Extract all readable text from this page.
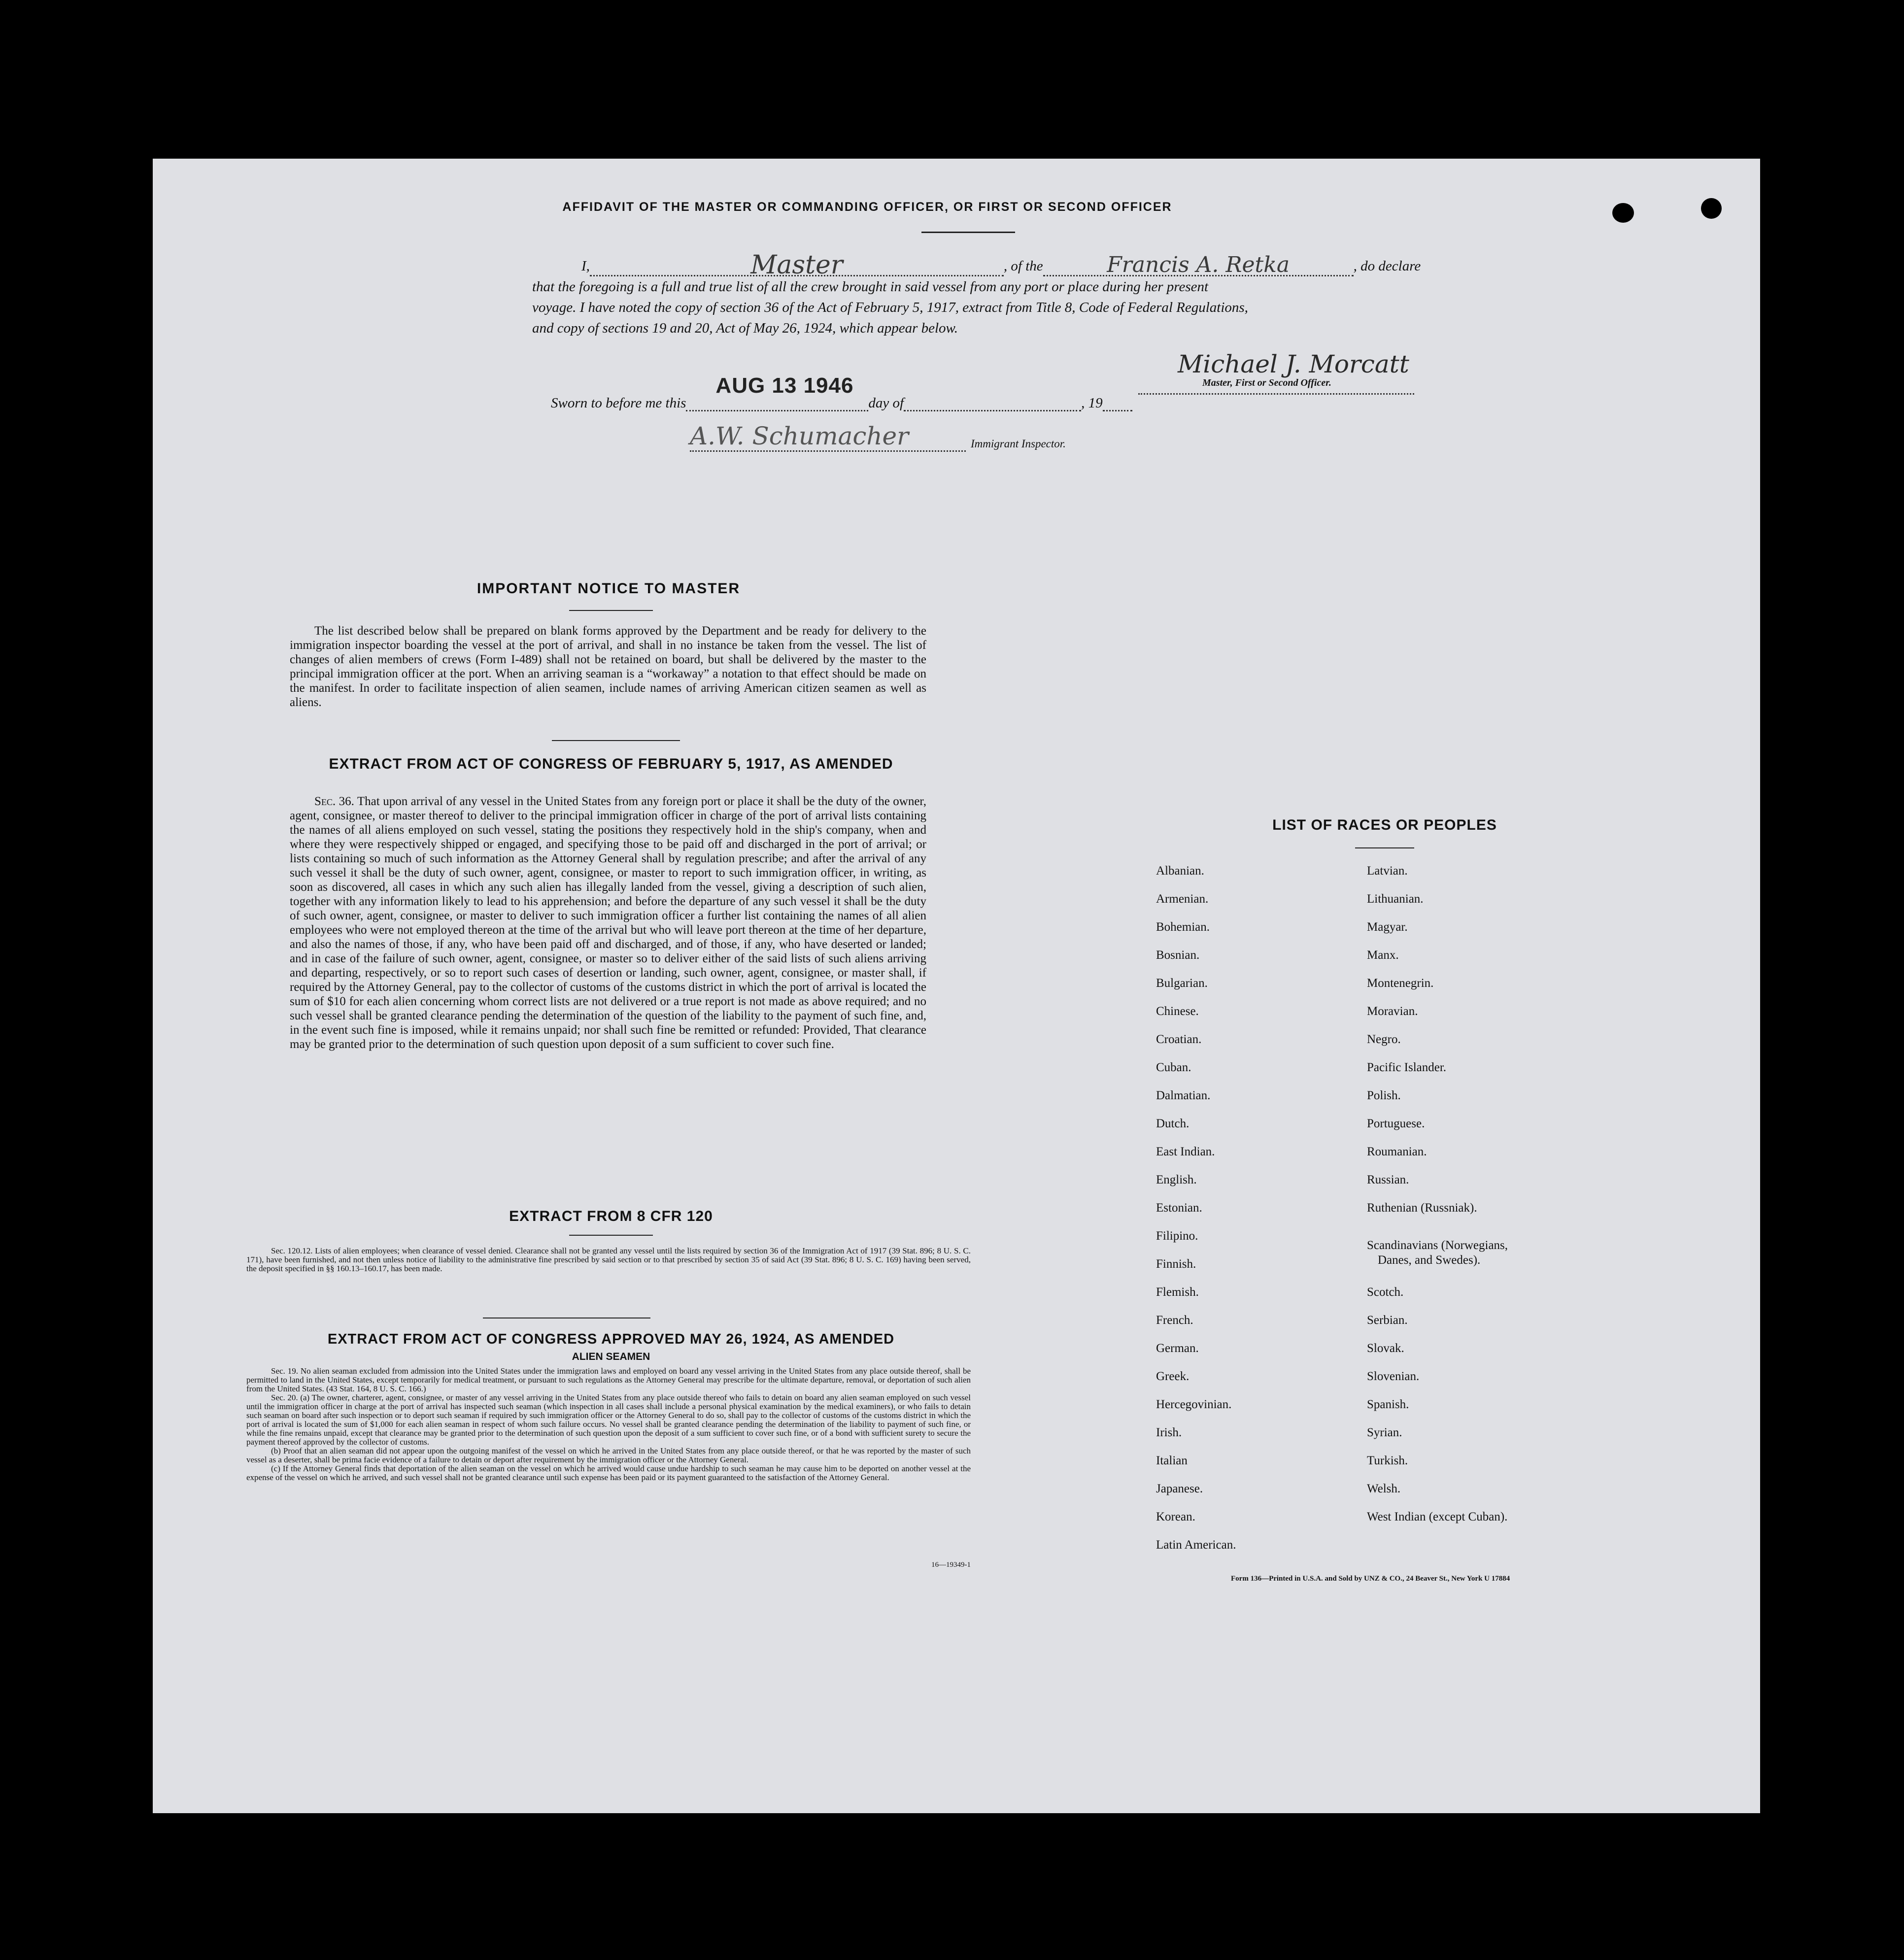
AFFIDAVIT OF THE MASTER OR COMMANDING OFFICER, OR FIRST OR SECOND OFFICER
I,	Master	, of the	Francis A. Retka	, do declare
that the foregoing is a full and true list of all the crew brought in said vessel from any port or place during her present
voyage. I have noted the copy of section 36 of the Act of February 5, 1917, extract from Title 8, Code of Federal Regulations,
and copy of sections 19 and 20, Act of May 26, 1924, which appear below.
Michael J. Morcatt
Master, First or Second Officer.
Sworn to before me this
AUG 13 1946
day of	, 19
A.W. Schumacher	Immigrant Inspector.
IMPORTANT NOTICE TO MASTER
The list described below shall be prepared on blank forms approved by the Department and be ready for delivery to the immigration inspector boarding the vessel at the port of arrival, and shall in no instance be taken from the vessel. The list of changes of alien members of crews (Form I-489) shall not be retained on board, but shall be delivered by the master to the principal immigration officer at the port. When an arriving seaman is a “workaway” a notation to that effect should be made on the manifest. In order to facilitate inspection of alien seamen, include names of arriving American citizen seamen as well as aliens.
EXTRACT FROM ACT OF CONGRESS OF FEBRUARY 5, 1917, AS AMENDED
Sec. 36. That upon arrival of any vessel in the United States from any foreign port or place it shall be the duty of the owner, agent, consignee, or master thereof to deliver to the principal immigration officer in charge of the port of arrival lists containing the names of all aliens employed on such vessel, stating the positions they respectively hold in the ship's company, when and where they were respectively shipped or engaged, and specifying those to be paid off and discharged in the port of arrival; or lists containing so much of such information as the Attorney General shall by regulation prescribe; and after the arrival of any such vessel it shall be the duty of such owner, agent, consignee, or master to report to such immigration officer, in writing, as soon as discovered, all cases in which any such alien has illegally landed from the vessel, giving a description of such alien, together with any information likely to lead to his apprehension; and before the departure of any such vessel it shall be the duty of such owner, agent, consignee, or master to deliver to such immigration officer a further list containing the names of all alien employees who were not employed thereon at the time of the arrival but who will leave port thereon at the time of her departure, and also the names of those, if any, who have been paid off and discharged, and of those, if any, who have deserted or landed; and in case of the failure of such owner, agent, consignee, or master so to deliver either of the said lists of such aliens arriving and departing, respectively, or so to report such cases of desertion or landing, such owner, agent, consignee, or master shall, if required by the Attorney General, pay to the collector of customs of the customs district in which the port of arrival is located the sum of $10 for each alien concerning whom correct lists are not delivered or a true report is not made as above required; and no such vessel shall be granted clearance pending the determination of the question of the liability to the payment of such fine, and, in the event such fine is imposed, while it remains unpaid; nor shall such fine be remitted or refunded: Provided, That clearance may be granted prior to the determination of such question upon deposit of a sum sufficient to cover such fine.
EXTRACT FROM 8 CFR 120
Sec. 120.12. Lists of alien employees; when clearance of vessel denied. Clearance shall not be granted any vessel until the lists required by section 36 of the Immigration Act of 1917 (39 Stat. 896; 8 U. S. C. 171), have been furnished, and not then unless notice of liability to the administrative fine prescribed by said section or to that prescribed by section 35 of said Act (39 Stat. 896; 8 U. S. C. 169) having been served, the deposit specified in §§ 160.13–160.17, has been made.
EXTRACT FROM ACT OF CONGRESS APPROVED MAY 26, 1924, AS AMENDED
ALIEN SEAMEN
Sec. 19. No alien seaman excluded from admission into the United States under the immigration laws and employed on board any vessel arriving in the United States from any place outside thereof, shall be permitted to land in the United States, except temporarily for medical treatment, or pursuant to such regulations as the Attorney General may prescribe for the ultimate departure, removal, or deportation of such alien from the United States. (43 Stat. 164, 8 U. S. C. 166.)
Sec. 20. (a) The owner, charterer, agent, consignee, or master of any vessel arriving in the United States from any place outside thereof who fails to detain on board any alien seaman employed on such vessel until the immigration officer in charge at the port of arrival has inspected such seaman (which inspection in all cases shall include a personal physical examination by the medical examiners), or who fails to detain such seaman on board after such inspection or to deport such seaman if required by such immigration officer or the Attorney General to do so, shall pay to the collector of customs of the customs district in which the port of arrival is located the sum of $1,000 for each alien seaman in respect of whom such failure occurs. No vessel shall be granted clearance pending the determination of the liability to payment of such fine, or while the fine remains unpaid, except that clearance may be granted prior to the determination of such question upon the deposit of a sum sufficient to cover such fine, or of a bond with sufficient surety to secure the payment thereof approved by the collector of customs.
(b) Proof that an alien seaman did not appear upon the outgoing manifest of the vessel on which he arrived in the United States from any place outside thereof, or that he was reported by the master of such vessel as a deserter, shall be prima facie evidence of a failure to detain or deport after requirement by the immigration officer or the Attorney General.
(c) If the Attorney General finds that deportation of the alien seaman on the vessel on which he arrived would cause undue hardship to such seaman he may cause him to be deported on another vessel at the expense of the vessel on which he arrived, and such vessel shall not be granted clearance until such expense has been paid or its payment guaranteed to the satisfaction of the Attorney General.
16—19349-1
LIST OF RACES OR PEOPLES
Albanian.
Armenian.
Bohemian.
Bosnian.
Bulgarian.
Chinese.
Croatian.
Cuban.
Dalmatian.
Dutch.
East Indian.
English.
Estonian.
Filipino.
Finnish.
Flemish.
French.
German.
Greek.
Hercegovinian.
Irish.
Italian
Japanese.
Korean.
Latin American.
Latvian.
Lithuanian.
Magyar.
Manx.
Montenegrin.
Moravian.
Negro.
Pacific Islander.
Polish.
Portuguese.
Roumanian.
Russian.
Ruthenian (Russniak).
Scandinavians (Norwegians,
Danes, and Swedes).
Scotch.
Serbian.
Slovak.
Slovenian.
Spanish.
Syrian.
Turkish.
Welsh.
West Indian (except Cuban).
Form 136—Printed in U.S.A. and Sold by UNZ & CO., 24 Beaver St., New York U 17884
